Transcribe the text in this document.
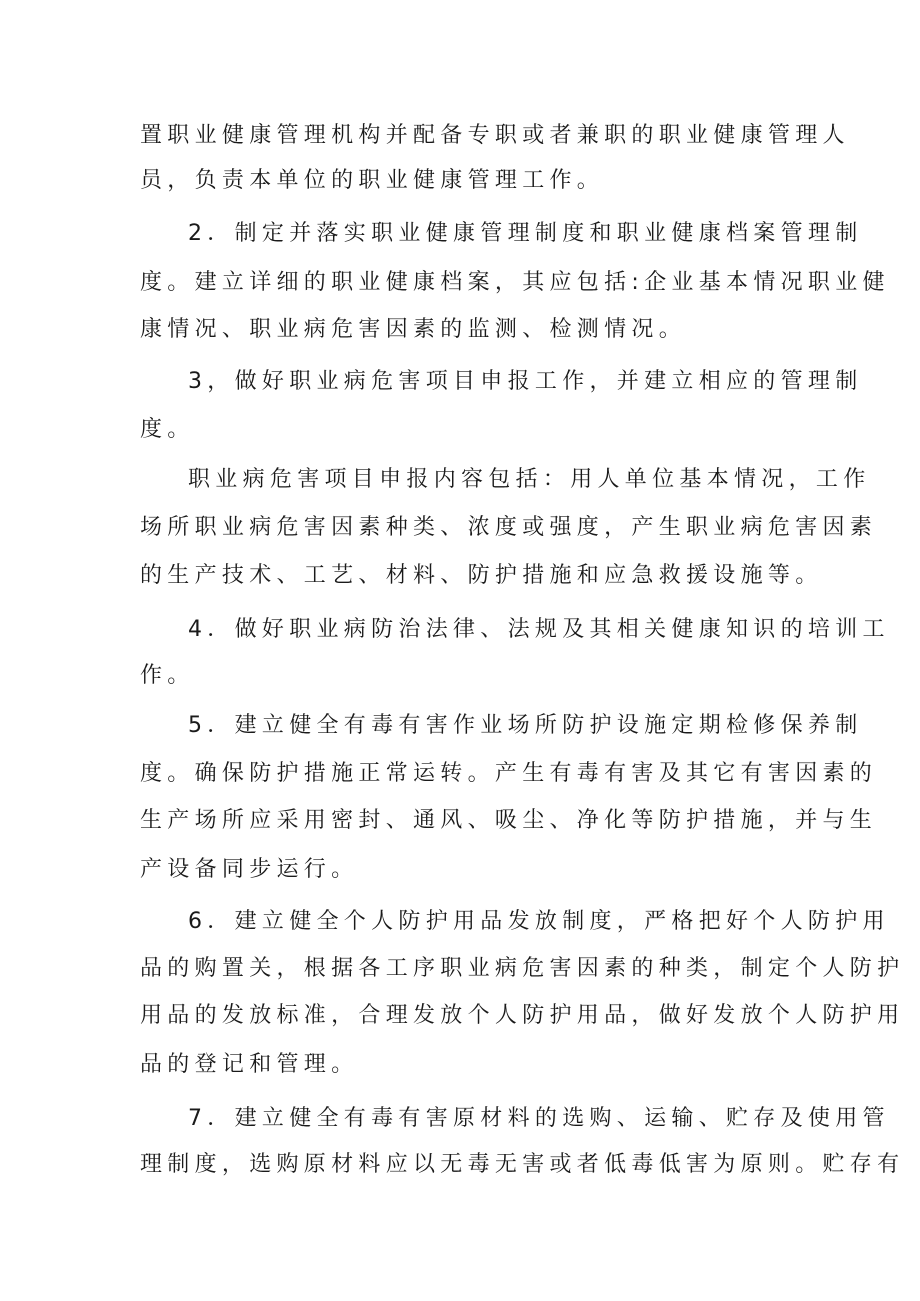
置职业健康管理机构并配备专职或者兼职的职业健康管理人
员，负责本单位的职业健康管理工作。
2．制定并落实职业健康管理制度和职业健康档案管理制
度。建立详细的职业健康档案，其应包括:企业基本情况职业健
康情况、职业病危害因素的监测、检测情况。
3，做好职业病危害项目申报工作，并建立相应的管理制
度。
职业病危害项目申报内容包括：用人单位基本情况，工作
场所职业病危害因素种类、浓度或强度，产生职业病危害因素
的生产技术、工艺、材料、防护措施和应急救援设施等。
4．做好职业病防治法律、法规及其相关健康知识的培训工
作。
5．建立健全有毒有害作业场所防护设施定期检修保养制
度。确保防护措施正常运转。产生有毒有害及其它有害因素的
生产场所应采用密封、通风、吸尘、净化等防护措施，并与生
产设备同步运行。
6．建立健全个人防护用品发放制度，严格把好个人防护用
品的购置关，根据各工序职业病危害因素的种类，制定个人防护
用品的发放标准，合理发放个人防护用品，做好发放个人防护用
品的登记和管理。
7．建立健全有毒有害原材料的选购、运输、贮存及使用管
理制度，选购原材料应以无毒无害或者低毒低害为原则。贮存有
